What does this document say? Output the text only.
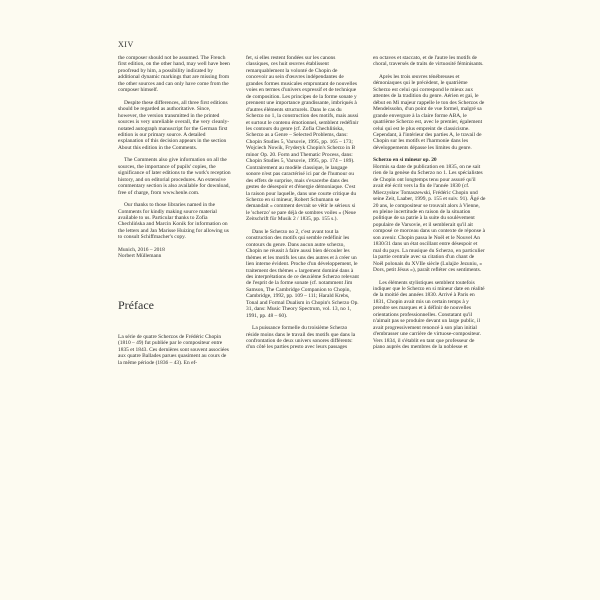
XIV

the composer should not be assumed. The French first edition, on the other hand, may well have been proofread by him, a possibility indicated by additional dynamic markings that are missing from the other sources and can only have come from the composer himself.

Despite these differences, all three first editions should be regarded as authoritative. Since, however, the version transmitted in the printed sources is very unreliable overall, the very cleanly-notated autograph manuscript for the German first edition is our primary source. A detailed explanation of this decision appears in the section About this edition in the Comments.

The Comments also give information on all the sources, the importance of pupils' copies, the significance of later editions to the work's reception history, and on editorial procedures. An extensive commentary section is also available for download, free of charge, from www.henle.com.

Our thanks to those libraries named in the Comments for kindly making source material available to us. Particular thanks to Zofia Chechlińska and Marcin Konik for information on the letters and Jan Marisse Huizing for allowing us to consult Schiffmacher's copy.

Munich, 2016 – 2018

Norbert Müllemann

Préface

La série de quatre Scherzos de Frédéric Chopin (1810 – 49) fut publiée par le compositeur entre 1835 et 1843. Ces dernières sont souvent associées aux quatre Ballades parues quasiment au cours de la même période (1836 – 43). En ef-

fet, si elles restent fondées sur les canons classiques, ces huit œuvres établissent remarquablement la volonté de Chopin de concevoir au sein d'œuvres indépendantes de grandes formes musicales empruntant de nouvelles voies en termes d'univers expressif et de technique de composition. Les principes de la forme sonate y prennent une importance grandissante, imbriqués à d'autres éléments structurels. Dans le cas du Scherzo no 1, la construction des motifs, mais aussi et surtout le contenu émotionnel, semblent redéfinir les contours du genre (cf. Zofia Chechlińska, Scherzo as a Genre – Selected Problems, dans: Chopin Studies 5, Varsovie, 1995, pp. 165 – 173; Wojciech Nowik, Fryderyk Chopin's Scherzo in B minor Op. 20. Form and Thematic Process, dans: Chopin Studies 5, Varsovie, 1995, pp. 174 – 189). Contrairement au modèle classique, le langage sonore n'est pas caractérisé ici par de l'humour ou des effets de surprise, mais s'exacerbe dans des gestes de désespoir et d'énergie démoniaque. C'est la raison pour laquelle, dans une courte critique du Scherzo en si mineur, Robert Schumann se demandait « comment devrait se vêtir le sérieux si le 'scherzo' se pare déjà de sombres voiles » (Neue Zeitschrift für Musik 2 / 1835, pp. 155 s.).

Dans le Scherzo no 2, c'est avant tout la construction des motifs qui semble redéfinir les contours du genre. Dans aucun autre scherzo, Chopin ne réussit à faire aussi bien découler les thèmes et les motifs les uns des autres et à créer un lien interne évident. Proche d'un développement, le traitement des thèmes « largement dominé dans à des interprétations de ce deuxième Scherzo relevant de l'esprit de la forme sonate (cf. notamment Jim Samson, The Cambridge Companion to Chopin, Cambridge, 1992, pp. 109 – 111; Harald Krebs, Tonal and Formal Dualism in Chopin's Scherzo Op. 31, dans: Music Theory Spectrum, vol. 13, no 1, 1991, pp. 48 – 60).

La puissance formelle du troisième Scherzo réside moins dans le travail des motifs que dans la confrontation de deux univers sonores différents: d'un côté les parties presto avec leurs passages

en octaves et staccato, et de l'autre les motifs de choral, traversés de traits de virtuosité féminisants.

Après les trois œuvres ténébreuses et démoniaques qui le précèdent, le quatrième Scherzo est celui qui correspond le mieux aux attentes de la tradition du genre. Aérien et gai, le début en Mi majeur rappelle le ton des Scherzos de Mendelssohn, d'un point de vue formel, malgré sa grande envergure à la claire forme ABA, le quatrième Scherzo est, avec le premier, également celui qui est le plus empreint de classicisme. Cependant, à l'intérieur des parties A, le travail de Chopin sur les motifs et l'harmonie dans les développements dépasse les limites du genre.

Scherzo en si mineur op. 20

Hormis sa date de publication en 1835, on ne sait rien de la genèse du Scherzo no 1. Les spécialistes de Chopin ont longtemps tenu pour assuré qu'il avait été écrit vers la fin de l'année 1830 (cf. Mieczysław Tomaszewski, Frédéric Chopin und seine Zeit, Laaber, 1999, p. 155 et suiv. 91). Âgé de 20 ans, le compositeur se trouvait alors à Vienne, en pleine incertitude en raison de la situation politique de sa patrie à la suite du soulèvement populaire de Varsovie, et il semblerait qu'il ait composé ce morceau dans un contexte de réponse à son avenir. Chopin passa le Noël et le Nouvel An 1830/31 dans un état oscillant entre désespoir et mal du pays. La musique du Scherzo, en particulier la partie centrale avec sa citation d'un chant de Noël polonais du XVIIe siècle (Lulajże Jezuniu, « Dors, petit Jésus »), paraît refléter ces sentiments.

Les éléments stylistiques semblent toutefois indiquer que le Scherzo en si mineur date en réalité de la moitié des années 1830. Arrivé à Paris en 1831, Chopin avait mis un certain temps à y prendre ses marques et à définir de nouvelles orientations professionnelles. Constatant qu'il n'aimait pas se produire devant un large public, il avait progressivement renoncé à son plan initial d'embrasser une carrière de virtuose-compositeur. Vers 1834, il s'établit en tant que professeur de piano auprès des membres de la noblesse et
